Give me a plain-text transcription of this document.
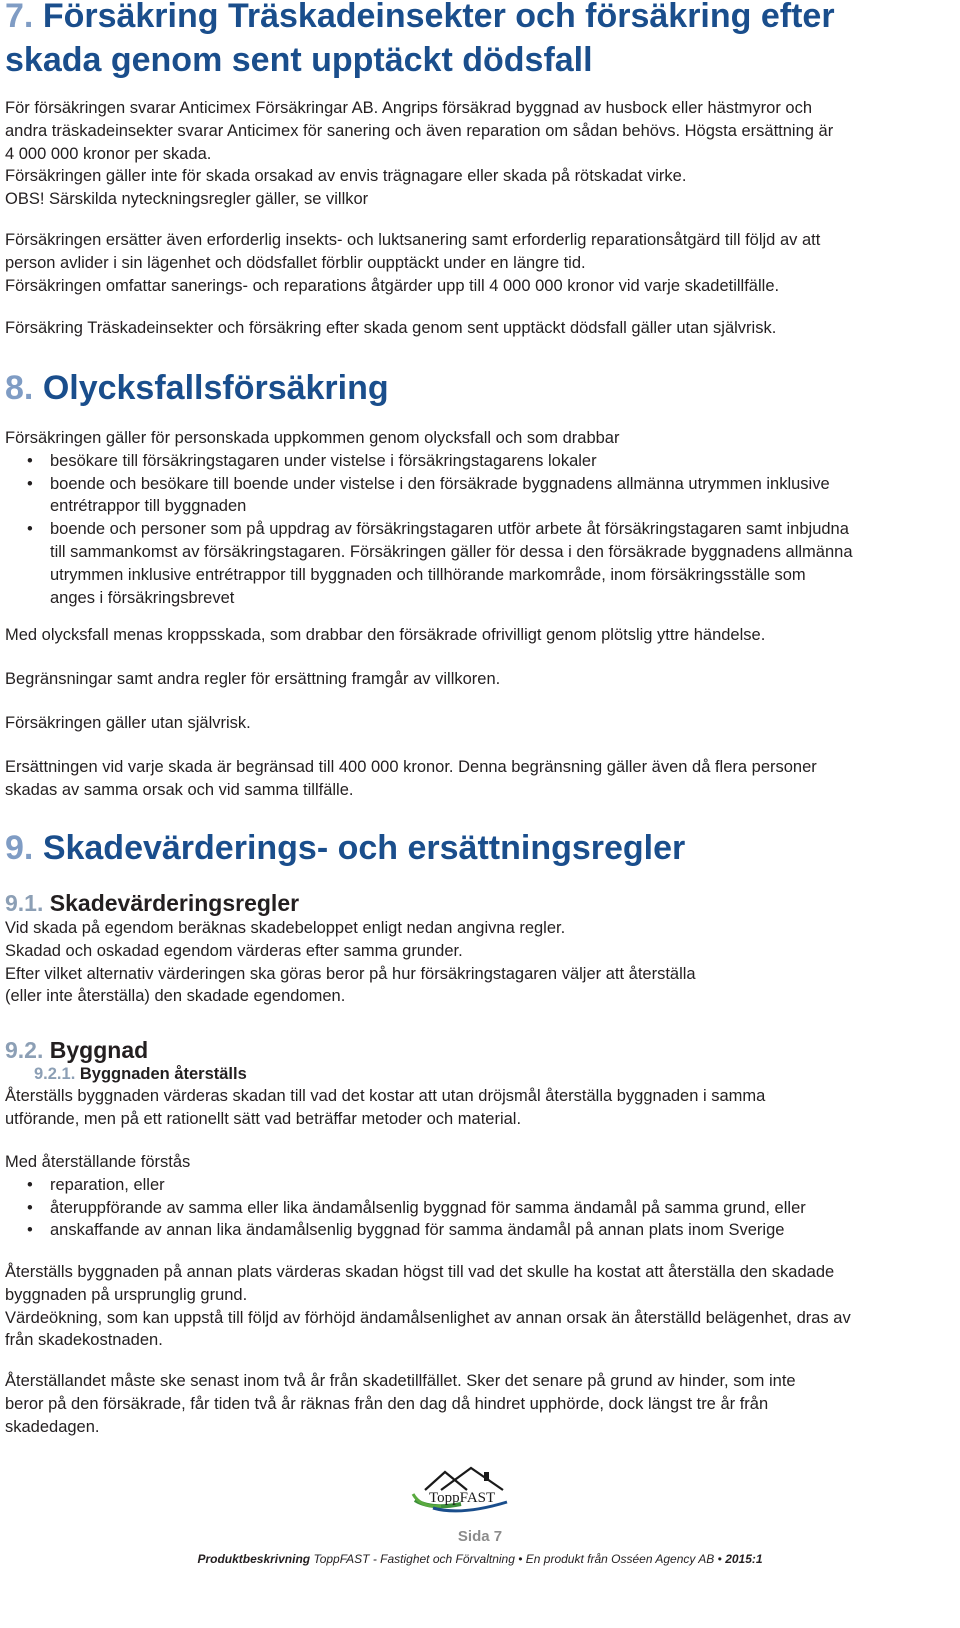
7. Försäkring Träskadeinsekter och försäkring efter
skada genom sent upptäckt dödsfall

För försäkringen svarar Anticimex Försäkringar AB. Angrips försäkrad byggnad av husbock eller hästmyror och

andra träskadeinsekter svarar Anticimex för sanering och även reparation om sådan behövs. Högsta ersättning är

4 000 000 kronor per skada.

Försäkringen gäller inte för skada orsakad av envis trägnagare eller skada på rötskadat virke.

OBS! Särskilda nyteckningsregler gäller, se villkor

Försäkringen ersätter även erforderlig insekts- och luktsanering samt erforderlig reparationsåtgärd till följd av att

person avlider i sin lägenhet och dödsfallet förblir oupptäckt under en längre tid.

Försäkringen omfattar sanerings- och reparations åtgärder upp till 4 000 000 kronor vid varje skadetillfälle.

Försäkring Träskadeinsekter och försäkring efter skada genom sent upptäckt dödsfall gäller utan självrisk.

8. Olycksfallsförsäkring

Försäkringen gäller för personskada uppkommen genom olycksfall och som drabbar

• besökare till försäkringstagaren under vistelse i försäkringstagarens lokaler
• boende och besökare till boende under vistelse i den försäkrade byggnadens allmänna utrymmen inklusive
entrétrappor till byggnaden
• boende och personer som på uppdrag av försäkringstagaren utför arbete åt försäkringstagaren samt inbjudna
till sammankomst av försäkringstagaren. Försäkringen gäller för dessa i den försäkrade byggnadens allmänna
utrymmen inklusive entrétrappor till byggnaden och tillhörande markområde, inom försäkringsställe som
anges i försäkringsbrevet

Med olycksfall menas kroppsskada, som drabbar den försäkrade ofrivilligt genom plötslig yttre händelse.

Begränsningar samt andra regler för ersättning framgår av villkoren.

Försäkringen gäller utan självrisk.

Ersättningen vid varje skada är begränsad till 400 000 kronor. Denna begränsning gäller även då flera personer

skadas av samma orsak och vid samma tillfälle.

9. Skadevärderings- och ersättningsregler
9.1. Skadevärderingsregler

Vid skada på egendom beräknas skadebeloppet enligt nedan angivna regler.

Skadad och oskadad egendom värderas efter samma grunder.

Efter vilket alternativ värderingen ska göras beror på hur försäkringstagaren väljer att återställa

(eller inte återställa) den skadade egendomen.

9.2. Byggnad
9.2.1. Byggnaden återställs

Återställs byggnaden värderas skadan till vad det kostar att utan dröjsmål återställa byggnaden i samma

utförande, men på ett rationellt sätt vad beträffar metoder och material.

Med återställande förstås

• reparation, eller
• återuppförande av samma eller lika ändamålsenlig byggnad för samma ändamål på samma grund, eller
• anskaffande av annan lika ändamålsenlig byggnad för samma ändamål på annan plats inom Sverige

Återställs byggnaden på annan plats värderas skadan högst till vad det skulle ha kostat att återställa den skadade

byggnaden på ursprunglig grund.

Värdeökning, som kan uppstå till följd av förhöjd ändamålsenlighet av annan orsak än återställd belägenhet, dras av

från skadekostnaden.

Återställandet måste ske senast inom två år från skadetillfället. Sker det senare på grund av hinder, som inte

beror på den försäkrade, får tiden två år räknas från den dag då hindret upphörde, dock längst tre år från

skadedagen.

ToppFAST
Sida 7
Produktbeskrivning ToppFAST - Fastighet och Förvaltning • En produkt från Osséen Agency AB • 2015:1
